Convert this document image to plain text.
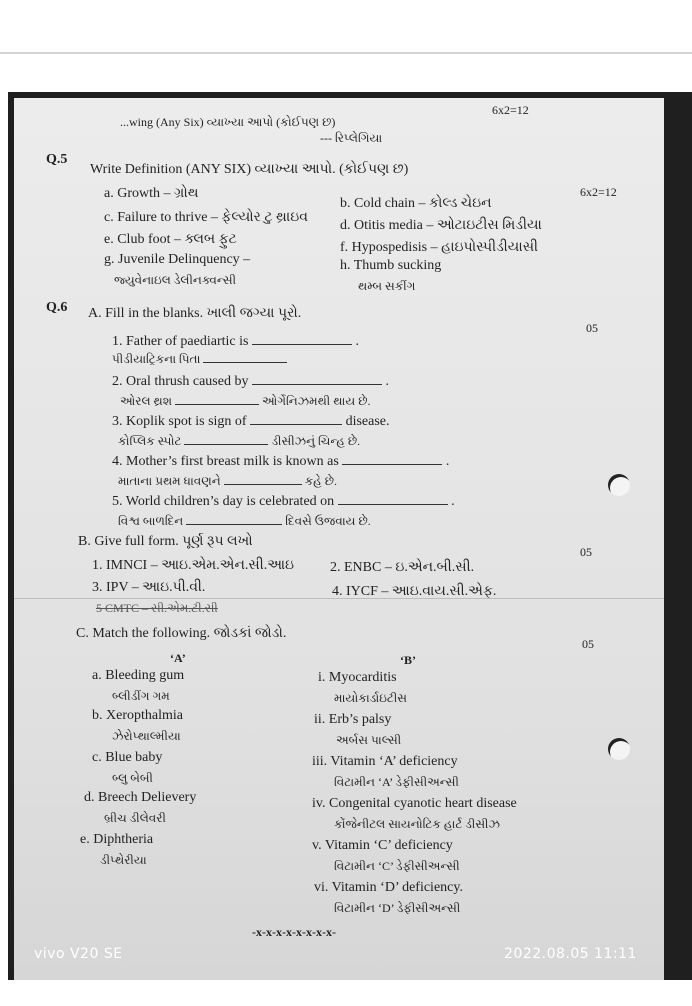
...wing (Any Six) વ્યાખ્યા આપો (કોઈપણ છ)
6x2=12
--- રિપ્લેગિયા
Q.5
Write Definition (ANY SIX) વ્યાખ્યા આપો. (કોઈપણ છ)
6x2=12
a. Growth – ગ્રોથ
b. Cold chain – કોલ્ડ ચેઇન
c. Failure to thrive – ફેલ્યોર ટુ થ્રાઇવ
d. Otitis media – ઓટાઇટીસ મિડીયા
e. Club foot – ક્લબ ફુટ
f. Hypospedisis – હાઇપોસ્પીડીયાસી
g. Juvenile Delinquency –
જ્યુવેનાઇલ ડેલીનક્વન્સી
h. Thumb sucking
થમ્બ સકીંગ
Q.6 A. Fill in the blanks. ખાલી જગ્યા પૂરો.
05
1. Father of paediartic is	.
પીડીયાટ્રિકના પિતા
2. Oral thrush caused by	.
ઓરલ થ્રશ	ઓર્ગેનિઝમથી થાય છે.
3. Koplik spot is sign of	disease.
કોપ્લિક સ્પોટ	ડીસીઝનું ચિન્હ છે.
4. Mother’s first breast milk is known as	.
માતાના પ્રથમ ધાવણને	કહે છે.
5. World children’s day is celebrated on	.
વિશ્વ બાળદિન	દિવસે ઉજવાય છે.
B. Give full form. પૂર્ણ રૂપ લખો
05
1. IMNCI – આઇ.એમ.એન.સી.આઇ	2. ENBC – ઇ.એન.બી.સી.
3. IPV – આઇ.પી.વી.	4. IYCF – આઇ.વાય.સી.એફ.
5 CMTC – સી.એમ.ટી.સી
C. Match the following. જોડકાં જોડો.
05
‘A’	‘B’
a. Bleeding gum
બ્લીડીંગ ગમ
b. Xeropthalmia
ઝેરોપ્થાલ્મીયા
c. Blue baby
બ્લુ બેબી
d. Breech Delievery
બ્રીચ ડીલેવરી
e. Diphtheria
ડીપ્થેરીયા
i. Myocarditis
માયોકાર્ડાઇટીસ
ii. Erb’s palsy
અર્બસ પાલ્સી
iii. Vitamin ‘A’ deficiency
વિટામીન ‘A’ ડેફીસીઅન્સી
iv. Congenital cyanotic heart disease
કોંજેનીટલ સાયનોટિક હાર્ટ ડીસીઝ
v. Vitamin ‘C’ deficiency
વિટામીન ‘C’ ડેફીસીઅન્સી
vi. Vitamin ‘D’ deficiency.
વિટામીન ‘D’ ડેફીસીઅન્સી
-x-x-x-x-x-x-x-x-
vivo V20 SE	2022.08.05 11:11
